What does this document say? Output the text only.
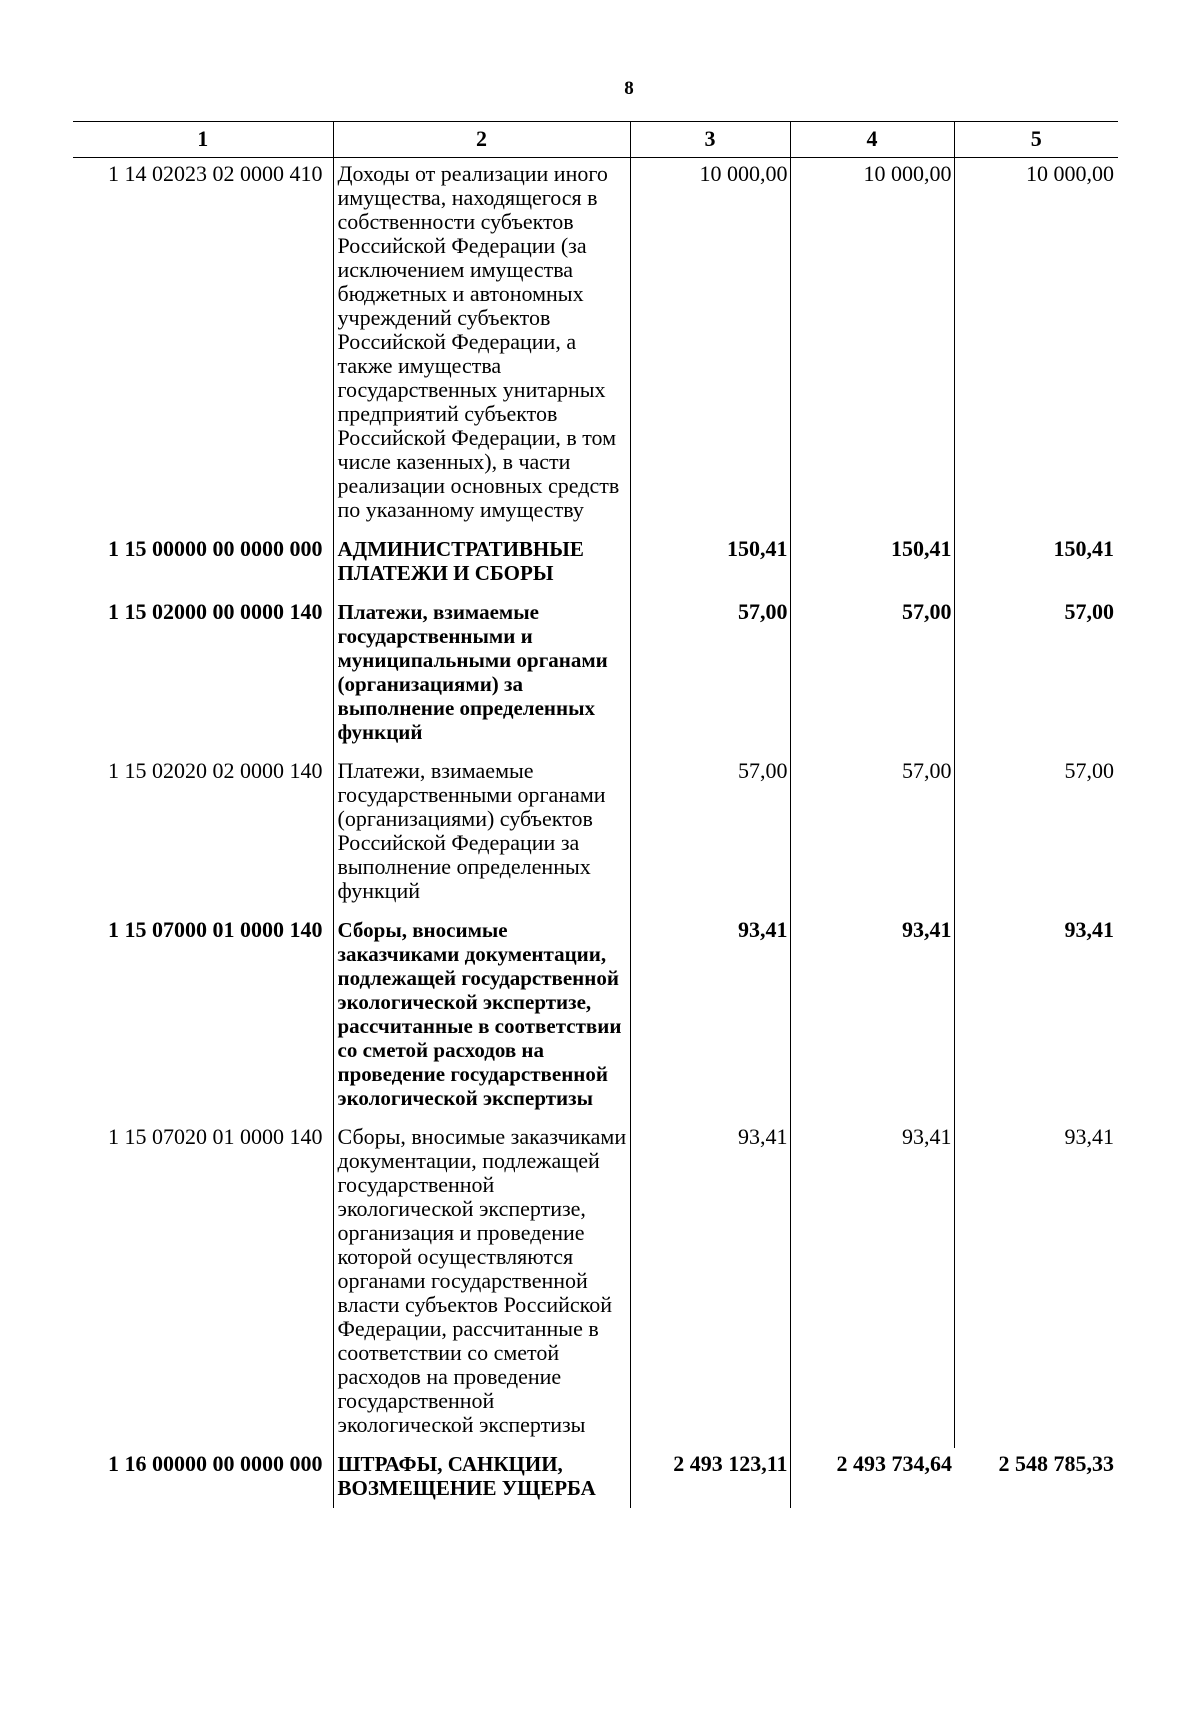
8
1	2	3	4	5
1 14 02023 02 0000 410	Доходы от реализации иного имущества, находящегося в собственности субъектов Российской Федерации (за исключением имущества бюджетных и автономных учреждений субъектов Российской Федерации, а также имущества государственных унитарных предприятий субъектов Российской Федерации, в том числе казенных), в части реализации основных средств по указанному имуществу	10 000,00	10 000,00	10 000,00
1 15 00000 00 0000 000	АДМИНИСТРАТИВНЫЕ ПЛАТЕЖИ И СБОРЫ	150,41	150,41	150,41
1 15 02000 00 0000 140	Платежи, взимаемые государственными и муниципальными органами (организациями) за выполнение определенных функций	57,00	57,00	57,00
1 15 02020 02 0000 140	Платежи, взимаемые государственными органами (организациями) субъектов Российской Федерации за выполнение определенных функций	57,00	57,00	57,00
1 15 07000 01 0000 140	Сборы, вносимые заказчиками документации, подлежащей государственной экологической экспертизе, рассчитанные в соответствии со сметой расходов на проведение государственной экологической экспертизы	93,41	93,41	93,41
1 15 07020 01 0000 140	Сборы, вносимые заказчиками документации, подлежащей государственной экологической экспертизе, организация и проведение которой осуществляются органами государственной власти субъектов Российской Федерации, рассчитанные в соответствии со сметой расходов на проведение государственной экологической экспертизы	93,41	93,41	93,41
1 16 00000 00 0000 000	ШТРАФЫ, САНКЦИИ, ВОЗМЕЩЕНИЕ УЩЕРБА	2 493 123,11	2 493 734,64	2 548 785,33
